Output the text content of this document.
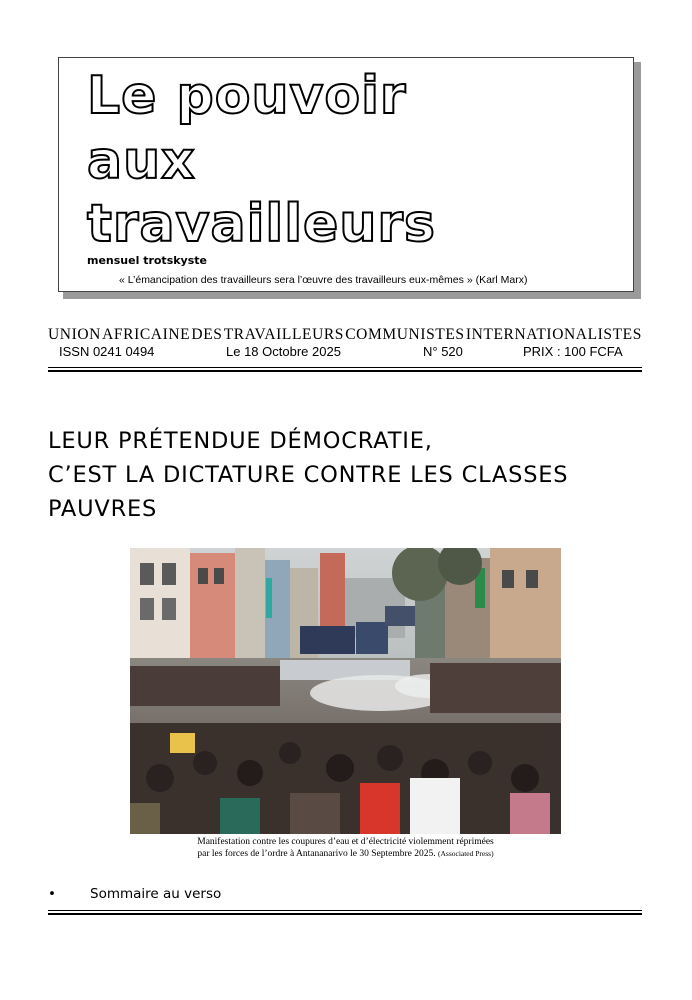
Le pouvoir
aux
travailleurs
mensuel trotskyste
« L’émancipation des travailleurs sera l’œuvre des travailleurs eux-mêmes » (Karl Marx)
UNION AFRICAINE DES TRAVAILLEURS COMMUNISTES INTERNATIONALISTES
ISSN 0241 0494	Le 18 Octobre 2025	N° 520	PRIX : 100 FCFA
LEUR PRÉTENDUE DÉMOCRATIE,
C’EST LA DICTATURE CONTRE LES CLASSES
PAUVRES
Manifestation contre les coupures d’eau et d’électricité violemment réprimées
par les forces de l’ordre à Antananarivo le 30 Septembre 2025. (Associated Press)
•	Sommaire au verso
